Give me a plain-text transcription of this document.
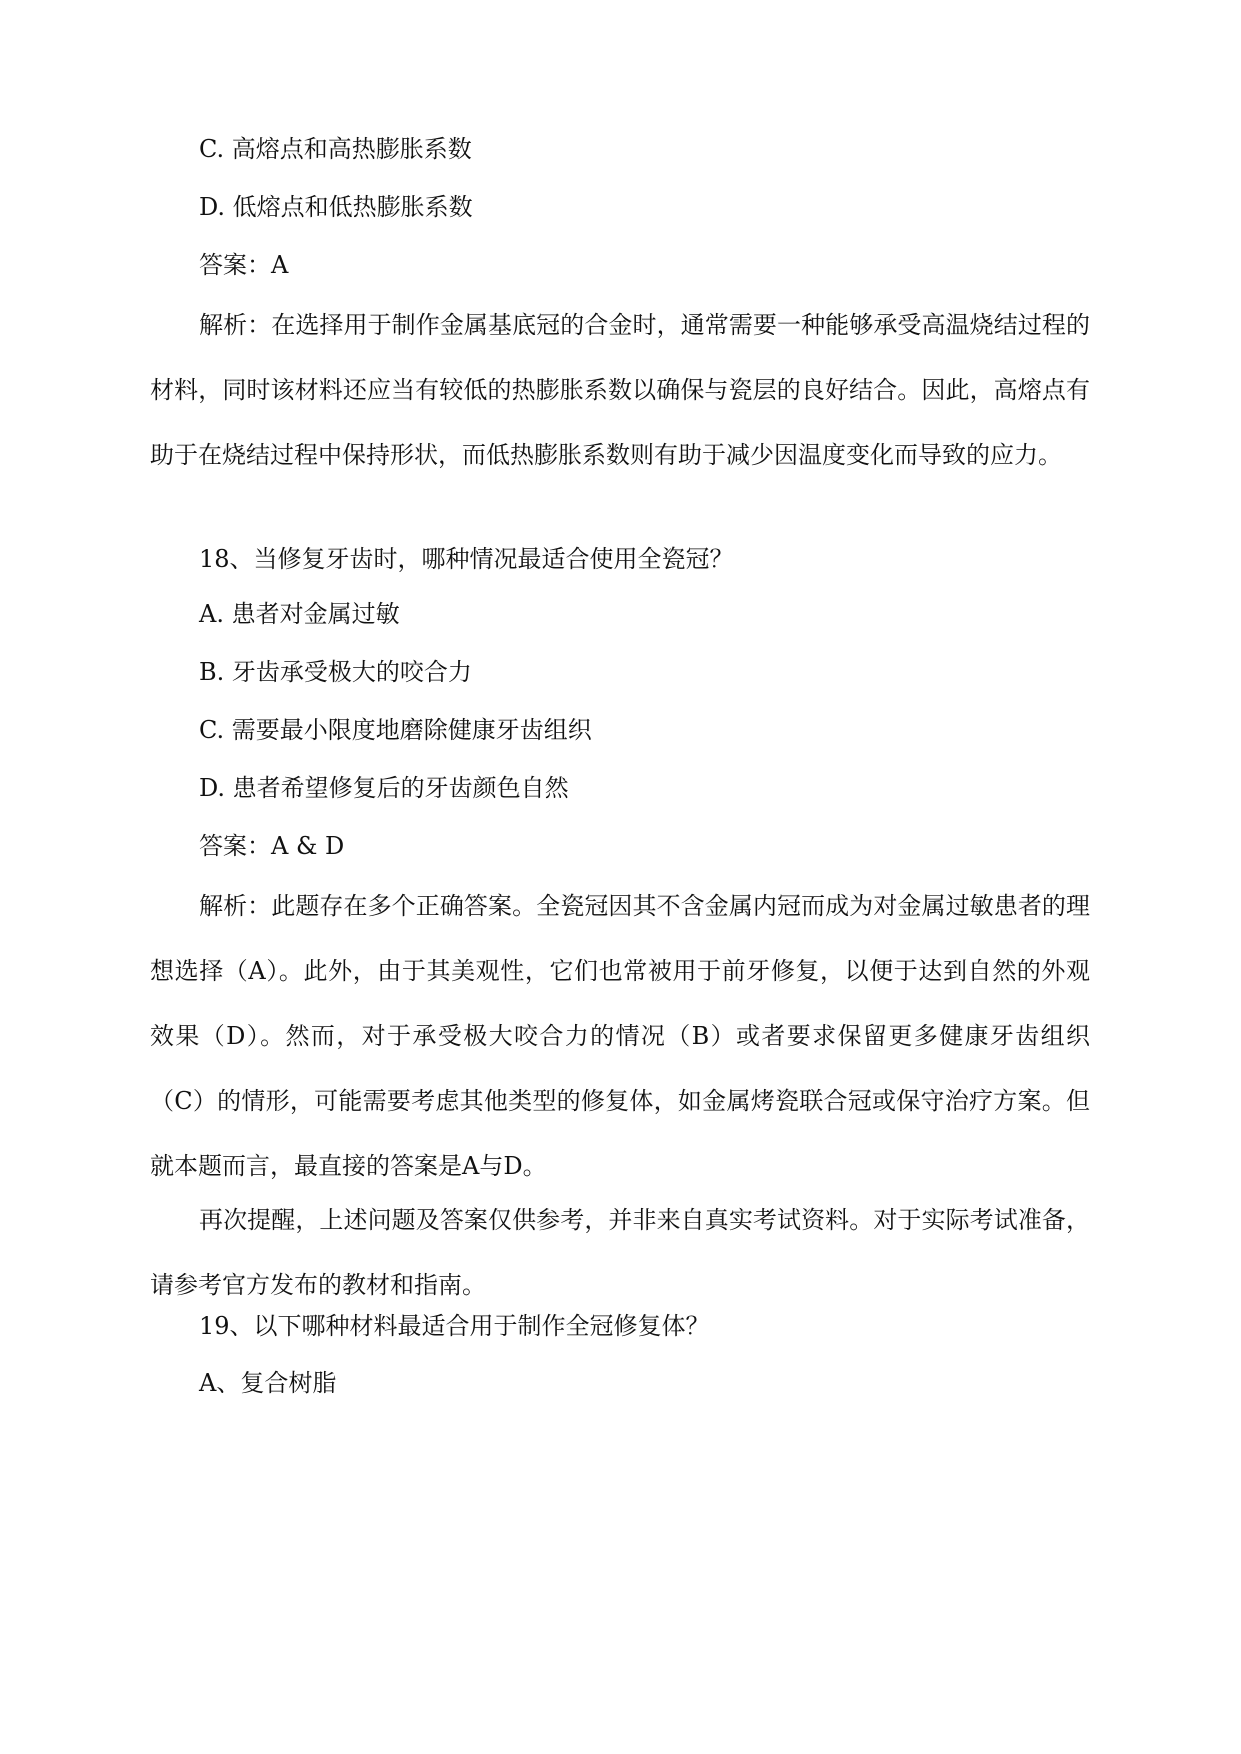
C. 高熔点和高热膨胀系数

D. 低熔点和低热膨胀系数

答案：A

解析：在选择用于制作金属基底冠的合金时，通常需要一种能够承受高温烧结过程的材料，同时该材料还应当有较低的热膨胀系数以确保与瓷层的良好结合。因此，高熔点有助于在烧结过程中保持形状，而低热膨胀系数则有助于减少因温度变化而导致的应力。

18、当修复牙齿时，哪种情况最适合使用全瓷冠？

A. 患者对金属过敏

B. 牙齿承受极大的咬合力

C. 需要最小限度地磨除健康牙齿组织

D. 患者希望修复后的牙齿颜色自然

答案：A & D

解析：此题存在多个正确答案。全瓷冠因其不含金属内冠而成为对金属过敏患者的理想选择（A）。此外，由于其美观性，它们也常被用于前牙修复，以便于达到自然的外观效果（D）。然而，对于承受极大咬合力的情况（B）或者要求保留更多健康牙齿组织（C）的情形，可能需要考虑其他类型的修复体，如金属烤瓷联合冠或保守治疗方案。但就本题而言，最直接的答案是A与D。

再次提醒，上述问题及答案仅供参考，并非来自真实考试资料。对于实际考试准备，请参考官方发布的教材和指南。

19、以下哪种材料最适合用于制作全冠修复体？

A、复合树脂
